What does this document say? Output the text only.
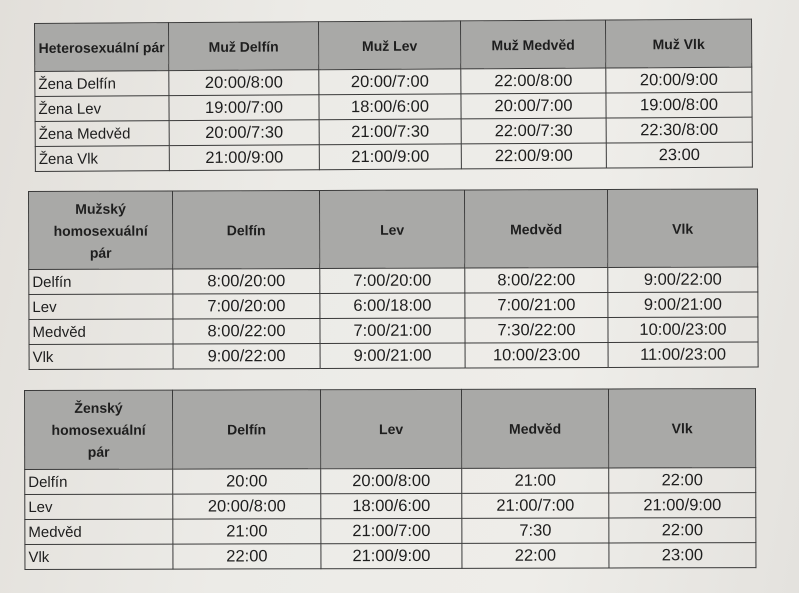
Heterosexuální pár	Muž Delfín	Muž Lev	Muž Medvěd	Muž Vlk
Žena Delfín	20:00/8:00	20:00/7:00	22:00/8:00	20:00/9:00
Žena Lev	19:00/7:00	18:00/6:00	20:00/7:00	19:00/8:00
Žena Medvěd	20:00/7:30	21:00/7:30	22:00/7:30	22:30/8:00
Žena Vlk	21:00/9:00	21:00/9:00	22:00/9:00	23:00
Mužský homosexuální pár	Delfín	Lev	Medvěd	Vlk
Delfín	8:00/20:00	7:00/20:00	8:00/22:00	9:00/22:00
Lev	7:00/20:00	6:00/18:00	7:00/21:00	9:00/21:00
Medvěd	8:00/22:00	7:00/21:00	7:30/22:00	10:00/23:00
Vlk	9:00/22:00	9:00/21:00	10:00/23:00	11:00/23:00
Ženský homosexuální pár	Delfín	Lev	Medvěd	Vlk
Delfín	20:00	20:00/8:00	21:00	22:00
Lev	20:00/8:00	18:00/6:00	21:00/7:00	21:00/9:00
Medvěd	21:00	21:00/7:00	7:30	22:00
Vlk	22:00	21:00/9:00	22:00	23:00
